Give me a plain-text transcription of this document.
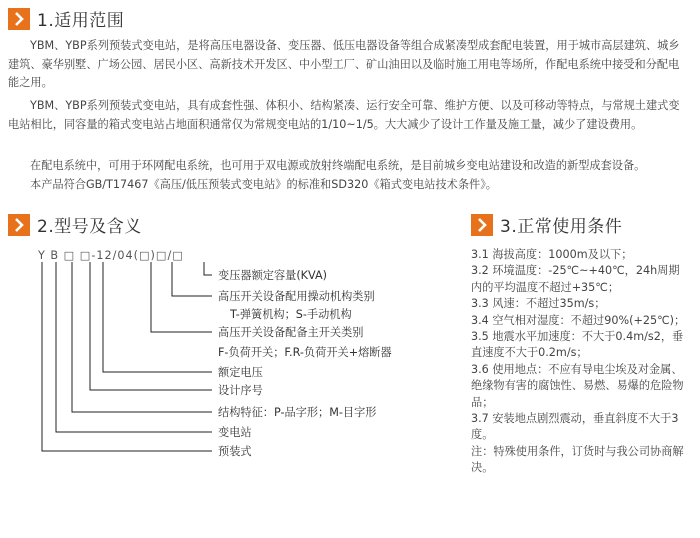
1.适用范围

YBM、YBP系列预装式变电站，是将高压电器设备、变压器、低压电器设备等组合成紧凑型成套配电装置，用于城市高层建筑、城乡建筑、豪华别墅、广场公园、居民小区、高新技术开发区、中小型工厂、矿山油田以及临时施工用电等场所，作配电系统中接受和分配电能之用。

YBM、YBP系列预装式变电站，具有成套性强、体积小、结构紧凑、运行安全可靠、维护方便、以及可移动等特点，与常规土建式变电站相比，同容量的箱式变电站占地面积通常仅为常规变电站的1/10~1/5。大大减少了设计工作量及施工量，减少了建设费用。

在配电系统中，可用于环网配电系统，也可用于双电源或放射终端配电系统，是目前城乡变电站建设和改造的新型成套设备。

本产品符合GB/T17467《高压/低压预装式变电站》的标准和SD320《箱式变电站技术条件》。

2.型号及含义
Y B □ □-12/04(□)□/□
变压器额定容量(KVA)
高压开关设备配用操动机构类别
T-弹簧机构；S-手动机构
高压开关设备配备主开关类别
F-负荷开关；F.R-负荷开关+熔断器
额定电压
设计序号
结构特征：P-品字形；M-目字形
变电站
预装式
3.正常使用条件
3.1 海拔高度：1000m及以下；
3.2 环境温度：-25℃~+40℃，24h周期内的平均温度不超过+35℃；
3.3 风速：不超过35m/s；
3.4 空气相对湿度：不超过90%(+25℃)；
3.5 地震水平加速度：不大于0.4m/s2，垂直速度不大于0.2m/s；
3.6 使用地点：不应有导电尘埃及对金属、绝缘物有害的腐蚀性、易燃、易爆的危险物品；
3.7 安装地点剧烈震动，垂直斜度不大于3度。
注：特殊使用条件，订货时与我公司协商解决。
